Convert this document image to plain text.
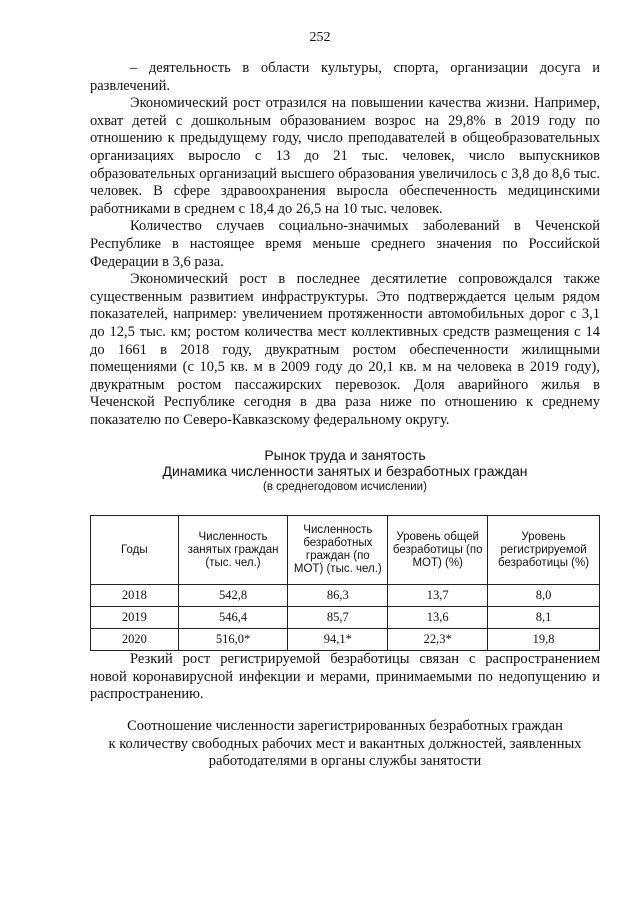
252

– деятельность в области культуры, спорта, организации досуга и развлечений.

Экономический рост отразился на повышении качества жизни. Например, охват детей с дошкольным образованием возрос на 29,8% в 2019 году по отношению к предыдущему году, число преподавателей в общеобразовательных организациях выросло с 13 до 21 тыс. человек, число выпускников образовательных организаций высшего образования увеличилось с 3,8 до 8,6 тыс. человек. В сфере здравоохранения выросла обеспеченность медицинскими работниками в среднем с 18,4 до 26,5 на 10 тыс. человек.

Количество случаев социально-значимых заболеваний в Чеченской Республике в настоящее время меньше среднего значения по Российской Федерации в 3,6 раза.

Экономический рост в последнее десятилетие сопровождался также существенным развитием инфраструктуры. Это подтверждается целым рядом показателей, например: увеличением протяженности автомобильных дорог с 3,1 до 12,5 тыс. км; ростом количества мест коллективных средств размещения с 14 до 1661 в 2018 году, двукратным ростом обеспеченности жилищными помещениями (с 10,5 кв. м в 2009 году до 20,1 кв. м на человека в 2019 году), двукратным ростом пассажирских перевозок. Доля аварийного жилья в Чеченской Республике сегодня в два раза ниже по отношению к среднему показателю по Северо-Кавказскому федеральному округу.

Рынок труда и занятость
Динамика численности занятых и безработных граждан
(в среднегодовом исчислении)
Годы	Численность занятых граждан (тыс. чел.)	Численность безработных граждан (по МОТ) (тыс. чел.)	Уровень общей безработицы (по МОТ) (%)	Уровень регистрируемой безработицы (%)
2018	542,8	86,3	13,7	8,0
2019	546,4	85,7	13,6	8,1
2020	516,0*	94,1*	22,3*	19,8

Резкий рост регистрируемой безработицы связан с распространением новой коронавирусной инфекции и мерами, принимаемыми по недопущению и распространению.

Соотношение численности зарегистрированных безработных граждан
к количеству свободных рабочих мест и вакантных должностей, заявленных
работодателями в органы службы занятости
